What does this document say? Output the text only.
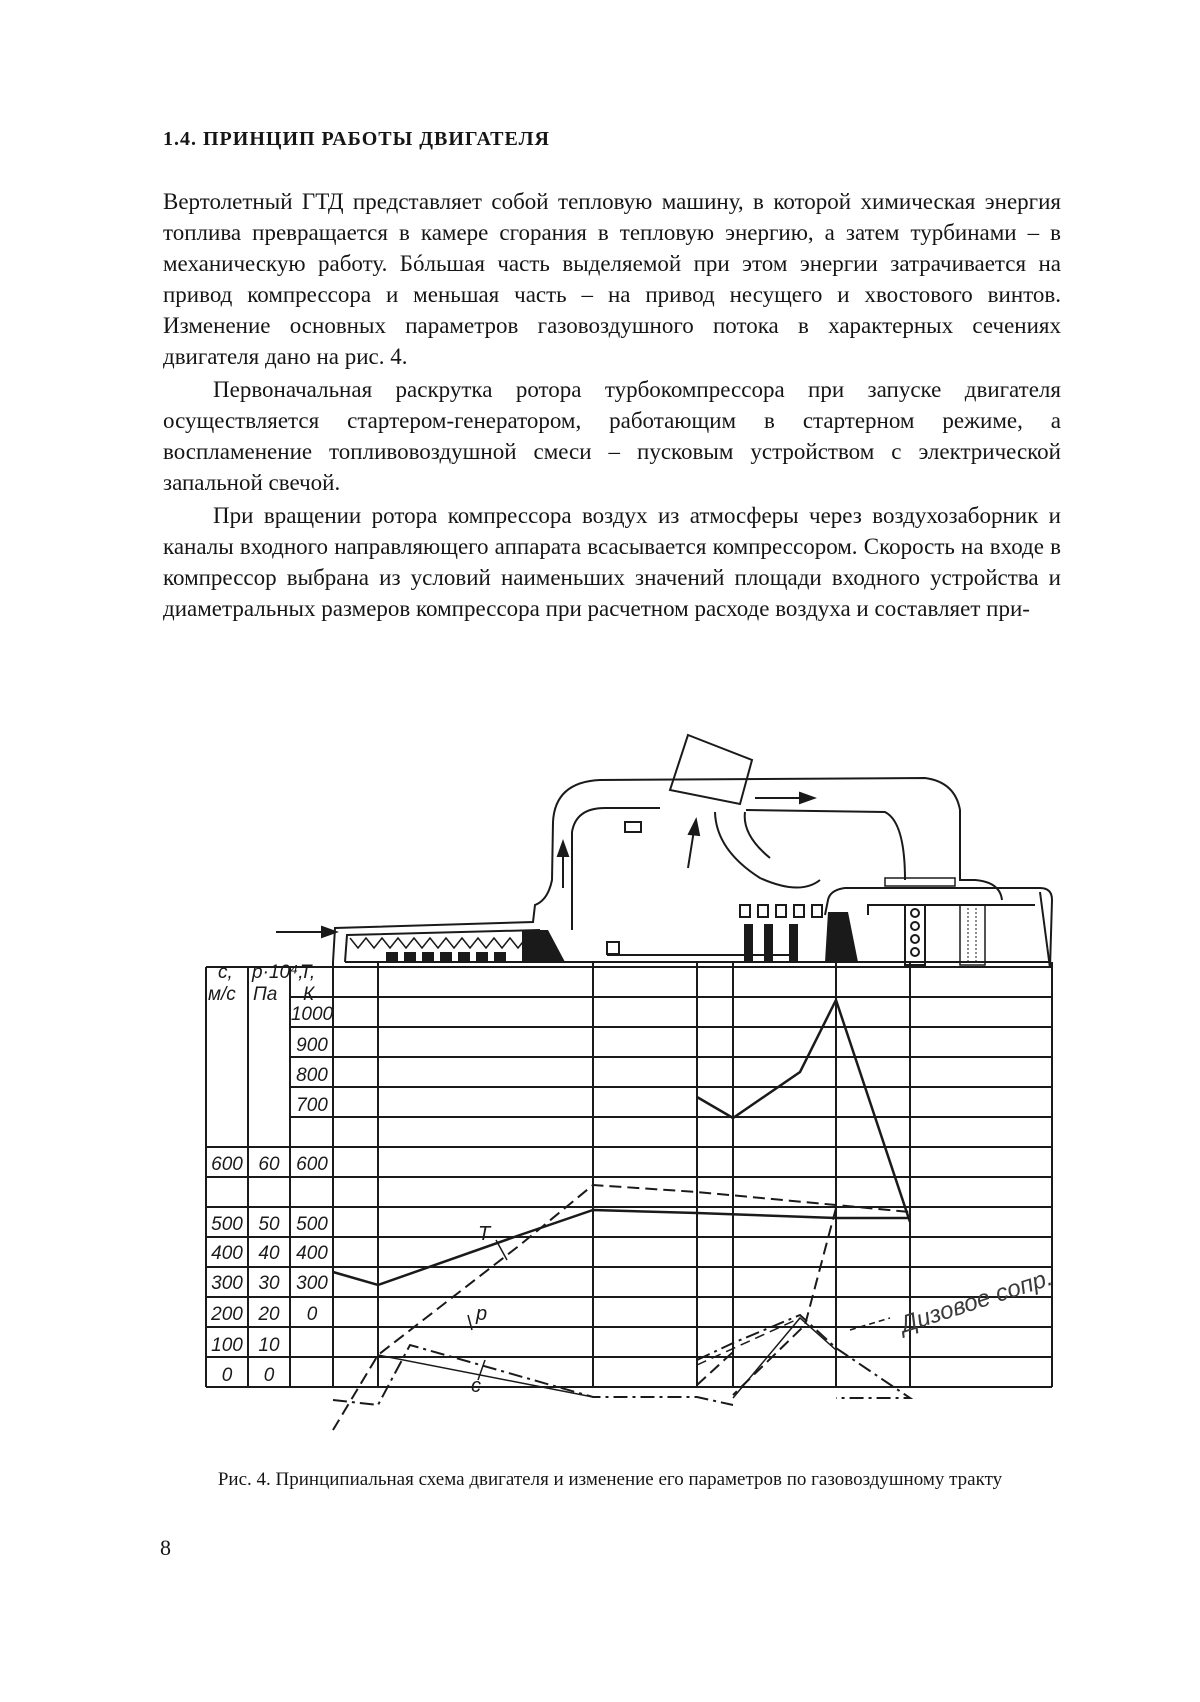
1.4. ПРИНЦИП РАБОТЫ ДВИГАТЕЛЯ

Вертолетный ГТД представляет собой тепловую машину, в которой химическая энергия топлива превращается в камере сгорания в тепловую энергию, а затем турбинами – в механическую работу. Бóльшая часть выделяемой при этом энергии затрачивается на привод компрессора и меньшая часть – на привод несущего и хвостового винтов. Изменение основных параметров газовоздушного потока в характерных сечениях двигателя дано на рис. 4.

Первоначальная раскрутка ротора турбокомпрессора при запуске двигателя осуществляется стартером-генератором, работающим в стартерном режиме, а воспламенение топливовоздушной смеси – пусковым устройством с электрической запальной свечой.

При вращении ротора компрессора воздух из атмосферы через воздухозаборник и каналы входного направляющего аппарата всасывается компрессором. Скорость на входе в компрессор выбрана из условий наименьших значений площади входного устройства и диаметральных размеров компрессора при расчетном расходе воздуха и составляет при-

c,
м/с
p·10⁴,
Па
T,
К
600
500
400
300
200
100
0
60
50
40
30
20
10
0
1000
900
800
700
600
500
400
300
0
T
p
c
Дизовое сопр.
Рис. 4. Принципиальная схема двигателя и изменение его параметров по газовоздушному тракту
8
